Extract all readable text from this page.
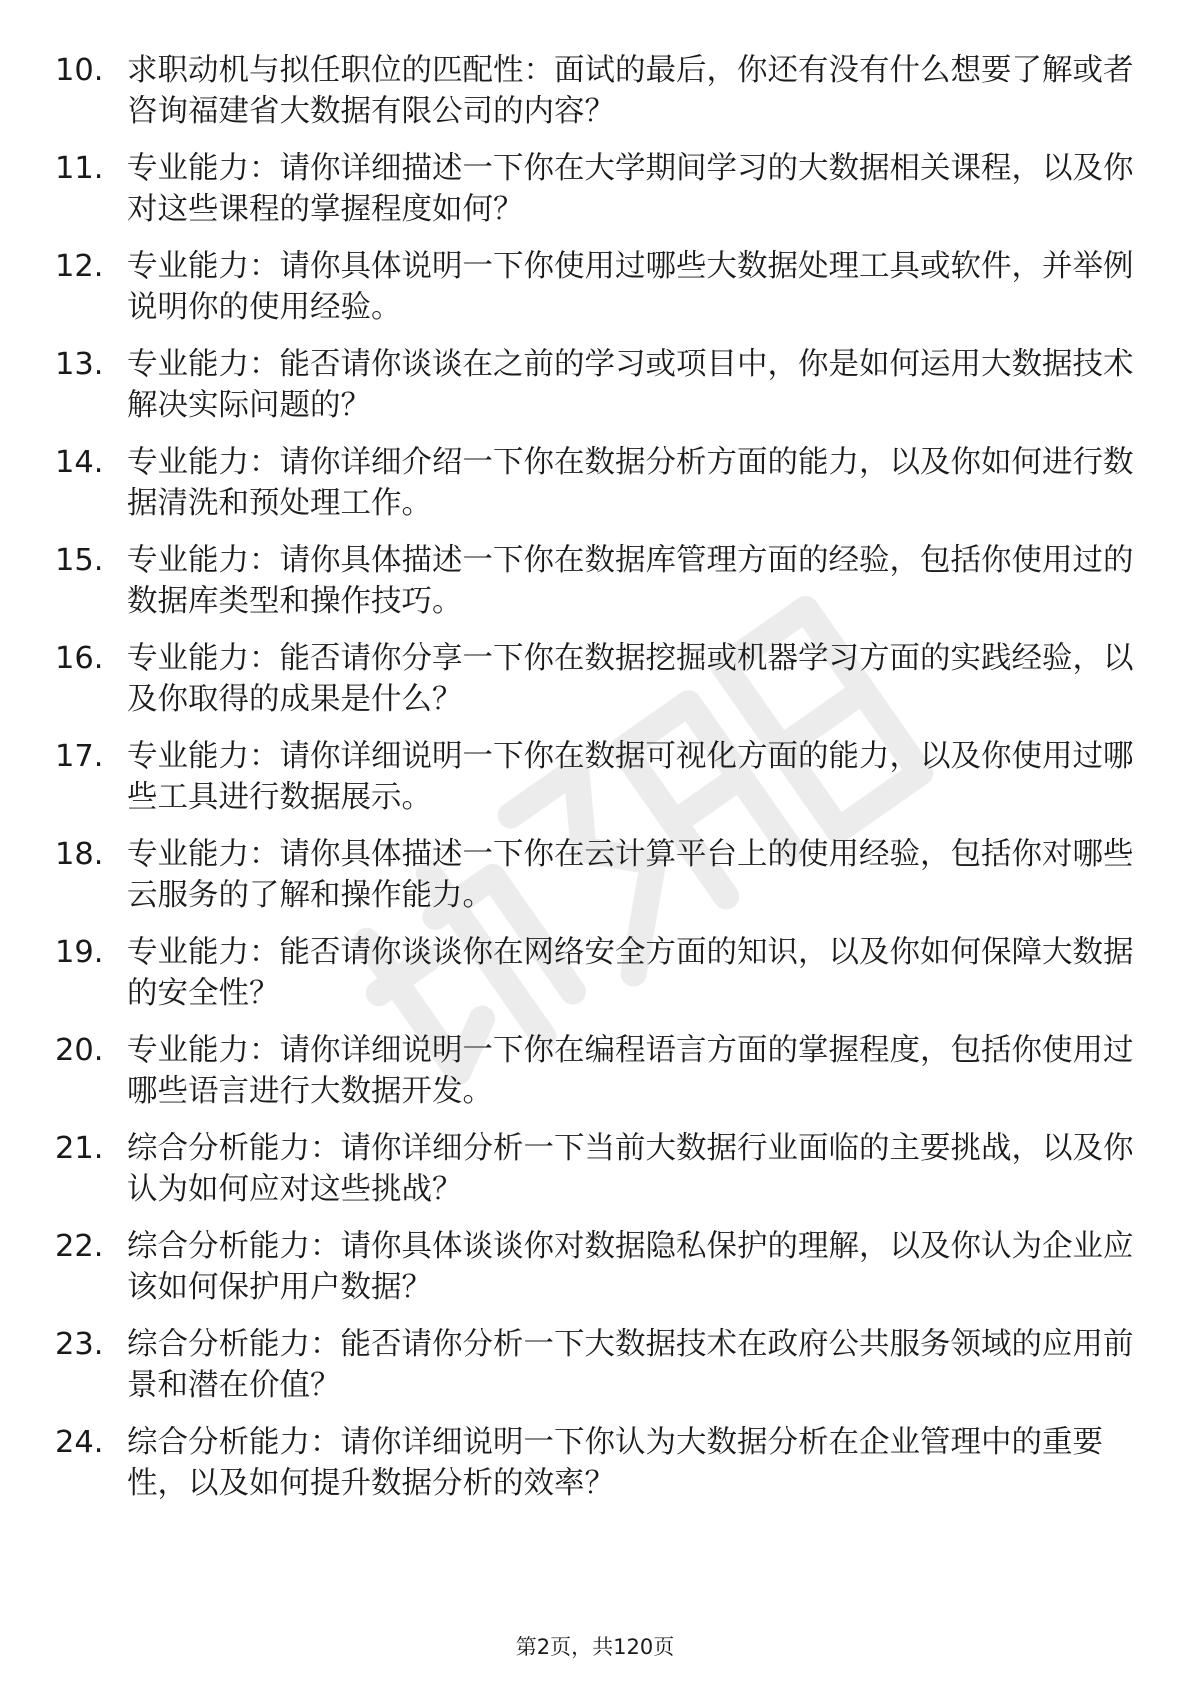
10. 求职动机与拟任职位的匹配性：面试的最后，你还有没有什么想要了解或者咨询福建省大数据有限公司的内容？
11. 专业能力：请你详细描述一下你在大学期间学习的大数据相关课程，以及你对这些课程的掌握程度如何？
12. 专业能力：请你具体说明一下你使用过哪些大数据处理工具或软件，并举例说明你的使用经验。
13. 专业能力：能否请你谈谈在之前的学习或项目中，你是如何运用大数据技术解决实际问题的？
14. 专业能力：请你详细介绍一下你在数据分析方面的能力，以及你如何进行数据清洗和预处理工作。
15. 专业能力：请你具体描述一下你在数据库管理方面的经验，包括你使用过的数据库类型和操作技巧。
16. 专业能力：能否请你分享一下你在数据挖掘或机器学习方面的实践经验，以及你取得的成果是什么？
17. 专业能力：请你详细说明一下你在数据可视化方面的能力，以及你使用过哪些工具进行数据展示。
18. 专业能力：请你具体描述一下你在云计算平台上的使用经验，包括你对哪些云服务的了解和操作能力。
19. 专业能力：能否请你谈谈你在网络安全方面的知识，以及你如何保障大数据的安全性？
20. 专业能力：请你详细说明一下你在编程语言方面的掌握程度，包括你使用过哪些语言进行大数据开发。
21. 综合分析能力：请你详细分析一下当前大数据行业面临的主要挑战，以及你认为如何应对这些挑战？
22. 综合分析能力：请你具体谈谈你对数据隐私保护的理解，以及你认为企业应该如何保护用户数据？
23. 综合分析能力：能否请你分析一下大数据技术在政府公共服务领域的应用前景和潜在价值？
24. 综合分析能力：请你详细说明一下你认为大数据分析在企业管理中的重要性，以及如何提升数据分析的效率？
第2页，共120页
